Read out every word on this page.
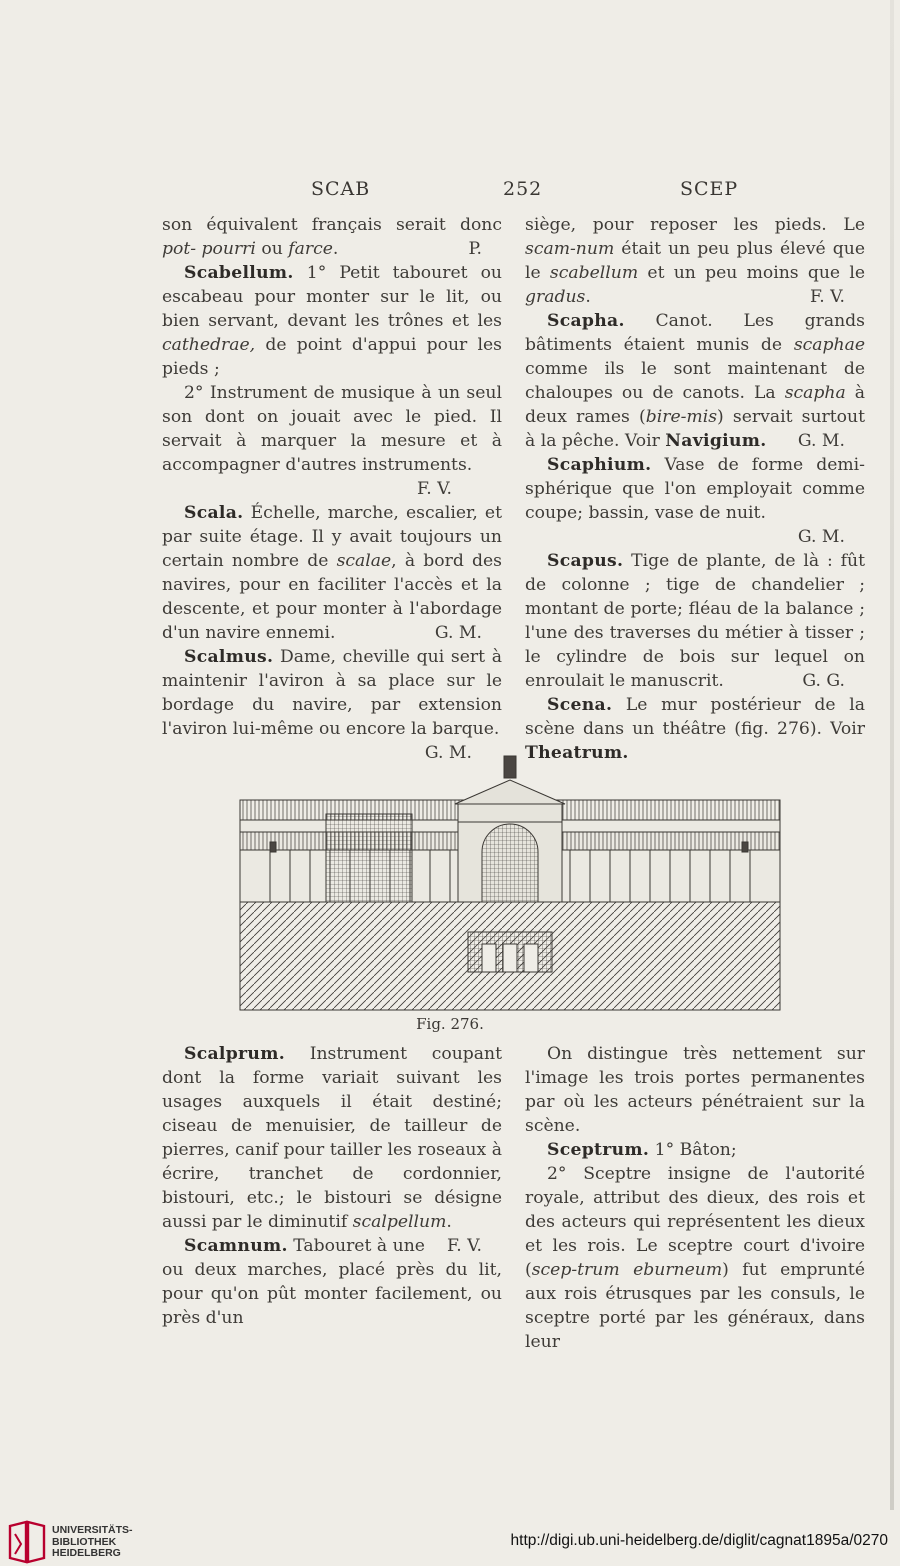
SCAB	252	SCEP

son équivalent français serait donc pot- pourri ou farce.	P.

Scabellum. 1° Petit tabouret ou escabeau pour monter sur le lit, ou bien servant, devant les trônes et les cathedrae, de point d'appui pour les pieds ;

2° Instrument de musique à un seul son dont on jouait avec le pied. Il servait à marquer la mesure et à accompagner d'autres instruments.

F. V.

Scala. Échelle, marche, escalier, et par suite étage. Il y avait toujours un certain nombre de scalae, à bord des navires, pour en faciliter l'accès et la descente, et pour monter à l'abordage d'un navire ennemi.	G. M.

Scalmus. Dame, cheville qui sert à maintenir l'aviron à sa place sur le bordage du navire, par extension l'aviron lui-même ou encore la barque.

G. M.

siège, pour reposer les pieds. Le scam-num était un peu plus élevé que le scabellum et un peu moins que le gradus.	F. V.

Scapha. Canot. Les grands bâtiments étaient munis de scaphae comme ils le sont maintenant de chaloupes ou de canots. La scapha à deux rames (bire-mis) servait surtout à la pêche. Voir Navigium.	G. M.

Scaphium. Vase de forme demi-sphérique que l'on employait comme coupe; bassin, vase de nuit.

G. M.

Scapus. Tige de plante, de là : fût de colonne ; tige de chandelier ; montant de porte; fléau de la balance ; l'une des traverses du métier à tisser ; le cylindre de bois sur lequel on enroulait le manuscrit.	G. G.

Scena. Le mur postérieur de la scène dans un théâtre (fig. 276). Voir Theatrum.

Fig. 276.

Scalprum. Instrument coupant dont la forme variait suivant les usages auxquels il était destiné; ciseau de menuisier, de tailleur de pierres, canif pour tailler les roseaux à écrire, tranchet de cordonnier, bistouri, etc.; le bistouri se désigne aussi par le diminutif scalpellum.
F. V.

Scamnum. Tabouret à une ou deux marches, placé près du lit, pour qu'on pût monter facilement, ou près d'un

On distingue très nettement sur l'image les trois portes permanentes par où les acteurs pénétraient sur la scène.

Sceptrum. 1° Bâton;

2° Sceptre insigne de l'autorité royale, attribut des dieux, des rois et des acteurs qui représentent les dieux et les rois. Le sceptre court d'ivoire (scep-trum eburneum) fut emprunté aux rois étrusques par les consuls, le sceptre porté par les généraux, dans leur

UNIVERSITÄTS-
BIBLIOTHEK
HEIDELBERG
http://digi.ub.uni-heidelberg.de/diglit/cagnat1895a/0270
